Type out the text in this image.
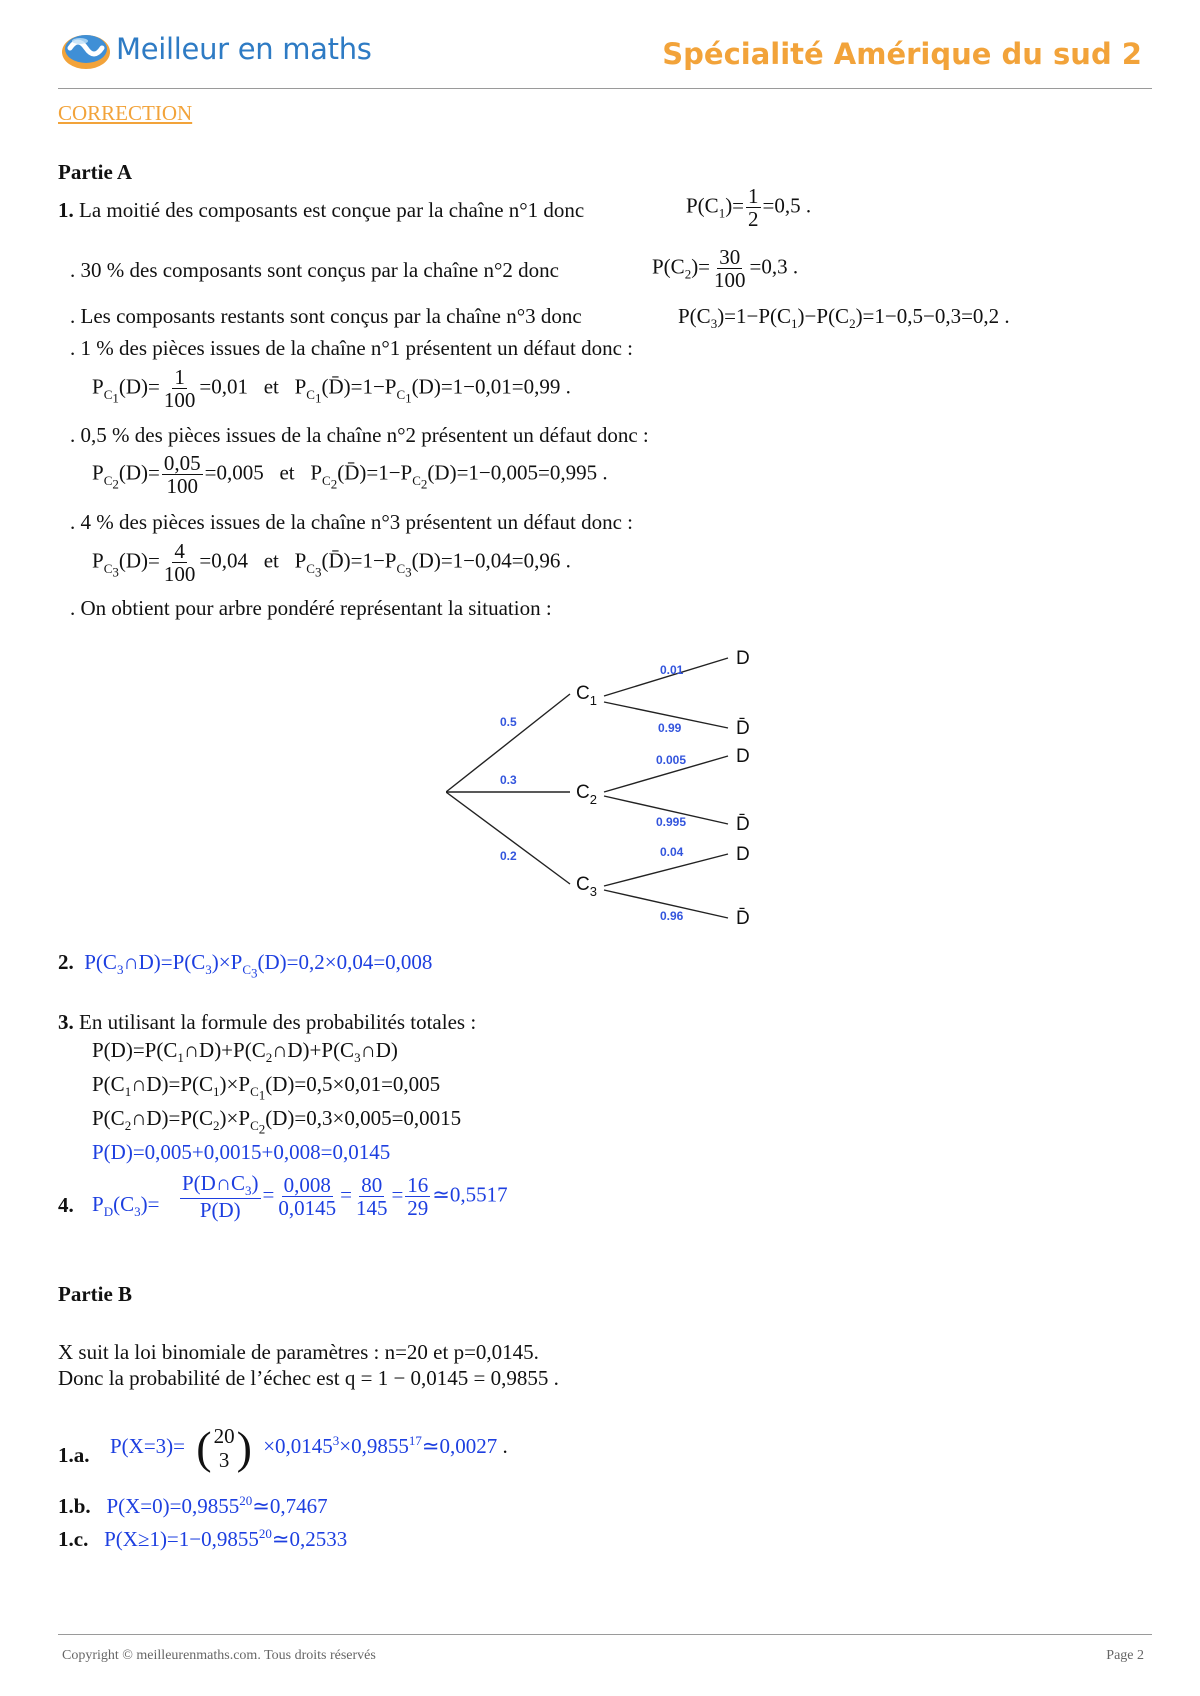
Meilleur en maths	Spécialité Amérique du sud 2
CORRECTION
Partie A
1. La moitié des composants est conçue par la chaîne n°1 donc	$P(C_1)= \frac{1}{2} =0,5$ .
. 30 % des composants sont conçus par la chaîne n°2 donc	$P(C_2)= \frac{30}{100} =0,3$ .
. Les composants restants sont conçus par la chaîne n°3 donc	$P(C_3)=1-P(C_1)-P(C_2)=1-0,5-0,3=0,2$ .
. 1 % des pièces issues de la chaîne n°1 présentent un défaut donc :
$P_{C_1}(D)= \frac{1}{100} =0,01$   et   $P_{C_1}(D̄)=1-P_{C_1}(D)=1-0,01=0,99$ .
. 0,5 % des pièces issues de la chaîne n°2 présentent un défaut donc :
$P_{C_2}(D)= \frac{0,05}{100} =0,005$   et   $P_{C_2}(D̄)=1-P_{C_2}(D)=1-0,005=0,995$ .
. 4 % des pièces issues de la chaîne n°3 présentent un défaut donc :
$P_{C_3}(D)= \frac{4}{100} =0,04$   et   $P_{C_3}(D̄)=1-P_{C_3}(D)=1-0,04=0,96$ .
. On obtient pour arbre pondéré représentant la situation :
0.5
0.3
0.2
0.01
0.99
0.005
0.995
0.04
0.96
$C_1$
$C_2$
$C_3$
D
D̄
D
D̄
D
D̄
2.  $P(C_3\cap D)=P(C_3)\times P_{C_3}(D)=0,2\times 0,04=0,008$
3. En utilisant la formule des probabilités totales :
$P(D)=P(C_1\cap D)+P(C_2\cap D)+P(C_3\cap D)$
$P(C_1\cap D)=P(C_1)\times P_{C_1}(D)=0,5\times 0,01=0,005$
$P(C_2\cap D)=P(C_2)\times P_{C_2}(D)=0,3\times 0,005=0,0015$
P(D)=0,005+0,0015+0,008=0,0145
4. $P_D(C_3)= \frac{P(D\cap C_3)}{P(D)} = \frac{0,008}{0,0145} = \frac{80}{145} = \frac{16}{29}$ ≃0,5517
Partie B
X suit la loi binomiale de paramètres : n=20 et p=0,0145.
Donc la probabilité de l’échec est q = 1 − 0,0145 = 0,9855 .
1.a. P(X=3)= ( 20
3 ) $\times 0,0145^3\times 0,9855^{17}≃0,0027$ .
1.b.   $P(X=0)=0,9855^{20}≃0,7467$
1.c.   $P(X\ge 1)=1-0,9855^{20}≃0,2533$
Copyright © meilleurenmaths.com. Tous droits réservés	Page 2
